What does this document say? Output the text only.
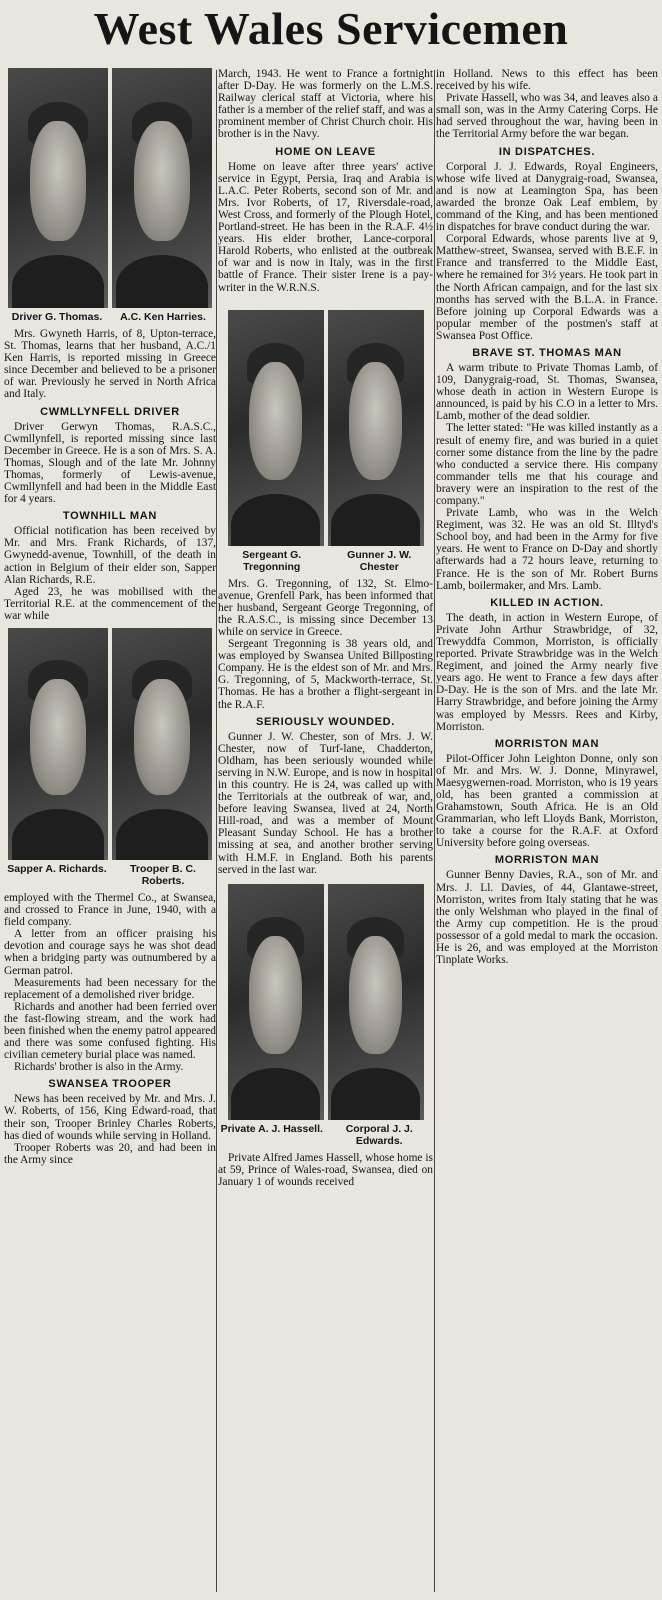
West Wales Servicemen
Driver G. Thomas.	A.C. Ken Harries.

Mrs. Gwyneth Harris, of 8, Upton-terrace, St. Thomas, learns that her husband, A.C./1 Ken Harris, is reported missing in Greece since December and believed to be a prisoner of war. Previously he served in North Africa and Italy.

CWMLLYNFELL DRIVER

Driver Gerwyn Thomas, R.A.S.C., Cwmllynfell, is reported missing since last December in Greece. He is a son of Mrs. S. A. Thomas, Slough and of the late Mr. Johnny Thomas, formerly of Lewis-avenue, Cwmllynfell and had been in the Middle East for 4 years.

TOWNHILL MAN

Official notification has been received by Mr. and Mrs. Frank Richards, of 137, Gwynedd-avenue, Townhill, of the death in action in Belgium of their elder son, Sapper Alan Richards, R.E.

Aged 23, he was mobilised with the Territorial R.E. at the commencement of the war while

Sapper A. Richards.	Trooper B. C. Roberts.

employed with the Thermel Co., at Swansea, and crossed to France in June, 1940, with a field company.

A letter from an officer praising his devotion and courage says he was shot dead when a bridging party was outnumbered by a German patrol.

Measurements had been necessary for the replacement of a demolished river bridge.

Richards and another had been ferried over the fast-flowing stream, and the work had been finished when the enemy patrol appeared and there was some confused fighting. His civilian cemetery burial place was named.

Richards' brother is also in the Army.

SWANSEA TROOPER

News has been received by Mr. and Mrs. J. W. Roberts, of 156, King Edward-road, that their son, Trooper Brinley Charles Roberts, has died of wounds while serving in Holland.

Trooper Roberts was 20, and had been in the Army since

March, 1943. He went to France a fortnight after D-Day. He was formerly on the L.M.S. Railway clerical staff at Victoria, where his father is a member of the relief staff, and was a prominent member of Christ Church choir. His brother is in the Navy.

HOME ON LEAVE

Home on leave after three years' active service in Egypt, Persia, Iraq and Arabia is L.A.C. Peter Roberts, second son of Mr. and Mrs. Ivor Roberts, of 17, Riversdale-road, West Cross, and formerly of the Plough Hotel, Portland-street. He has been in the R.A.F. 4½ years. His elder brother, Lance-corporal Harold Roberts, who enlisted at the outbreak of war and is now in Italy, was in the first battle of France. Their sister Irene is a pay-writer in the W.R.N.S.

Sergeant G. Tregonning
Gunner J. W. Chester

Mrs. G. Tregonning, of 132, St. Elmo-avenue, Grenfell Park, has been informed that her husband, Sergeant George Tregonning, of the R.A.S.C., is missing since December 13 while on service in Greece.

Sergeant Tregonning is 38 years old, and was employed by Swansea United Billposting Company. He is the eldest son of Mr. and Mrs. G. Tregonning, of 5, Mackworth-terrace, St. Thomas. He has a brother a flight-sergeant in the R.A.F.

SERIOUSLY WOUNDED.

Gunner J. W. Chester, son of Mrs. J. W. Chester, now of Turf-lane, Chadderton, Oldham, has been seriously wounded while serving in N.W. Europe, and is now in hospital in this country. He is 24, was called up with the Territorials at the outbreak of war, and, before leaving Swansea, lived at 24, North Hill-road, and was a member of Mount Pleasant Sunday School. He has a brother missing at sea, and another brother serving with H.M.F. in England. Both his parents served in the last war.

Private A. J. Hassell.	Corporal J. J. Edwards.

Private Alfred James Hassell, whose home is at 59, Prince of Wales-road, Swansea, died on January 1 of wounds received

in Holland. News to this effect has been received by his wife.

Private Hassell, who was 34, and leaves also a small son, was in the Army Catering Corps. He had served throughout the war, having been in the Territorial Army before the war began.

IN DISPATCHES.

Corporal J. J. Edwards, Royal Engineers, whose wife lived at Danygraig-road, Swansea, and is now at Leamington Spa, has been awarded the bronze Oak Leaf emblem, by command of the King, and has been mentioned in dispatches for brave conduct during the war.

Corporal Edwards, whose parents live at 9, Matthew-street, Swansea, served with B.E.F. in France and transferred to the Middle East, where he remained for 3½ years. He took part in the North African campaign, and for the last six months has served with the B.L.A. in France. Before joining up Corporal Edwards was a popular member of the postmen's staff at Swansea Post Office.

BRAVE ST. THOMAS MAN

A warm tribute to Private Thomas Lamb, of 109, Danygraig-road, St. Thomas, Swansea, whose death in action in Western Europe is announced, is paid by his C.O in a letter to Mrs. Lamb, mother of the dead soldier.

The letter stated: "He was killed instantly as a result of enemy fire, and was buried in a quiet corner some distance from the line by the padre who conducted a service there. His company commander tells me that his courage and bravery were an inspiration to the rest of the company."

Private Lamb, who was in the Welch Regiment, was 32. He was an old St. Illtyd's School boy, and had been in the Army for five years. He went to France on D-Day and shortly afterwards had a 72 hours leave, returning to France. He is the son of Mr. Robert Burns Lamb, boilermaker, and Mrs. Lamb.

KILLED IN ACTION.

The death, in action in Western Europe, of Private John Arthur Strawbridge, of 32, Trewyddfa Common, Morriston, is officially reported. Private Strawbridge was in the Welch Regiment, and joined the Army nearly five years ago. He went to France a few days after D-Day. He is the son of Mrs. and the late Mr. Harry Strawbridge, and before joining the Army was employed by Messrs. Rees and Kirby, Morriston.

MORRISTON MAN

Pilot-Officer John Leighton Donne, only son of Mr. and Mrs. W. J. Donne, Minyrawel, Maesygwernen-road. Morriston, who is 19 years old, has been granted a commission at Grahamstown, South Africa. He is an Old Grammarian, who left Lloyds Bank, Morriston, to take a course for the R.A.F. at Oxford University before going overseas.

MORRISTON MAN

Gunner Benny Davies, R.A., son of Mr. and Mrs. J. Ll. Davies, of 44, Glantawe-street, Morriston, writes from Italy stating that he was the only Welshman who played in the final of the Army cup competition. He is the proud possessor of a gold medal to mark the occasion. He is 26, and was employed at the Morriston Tinplate Works.
